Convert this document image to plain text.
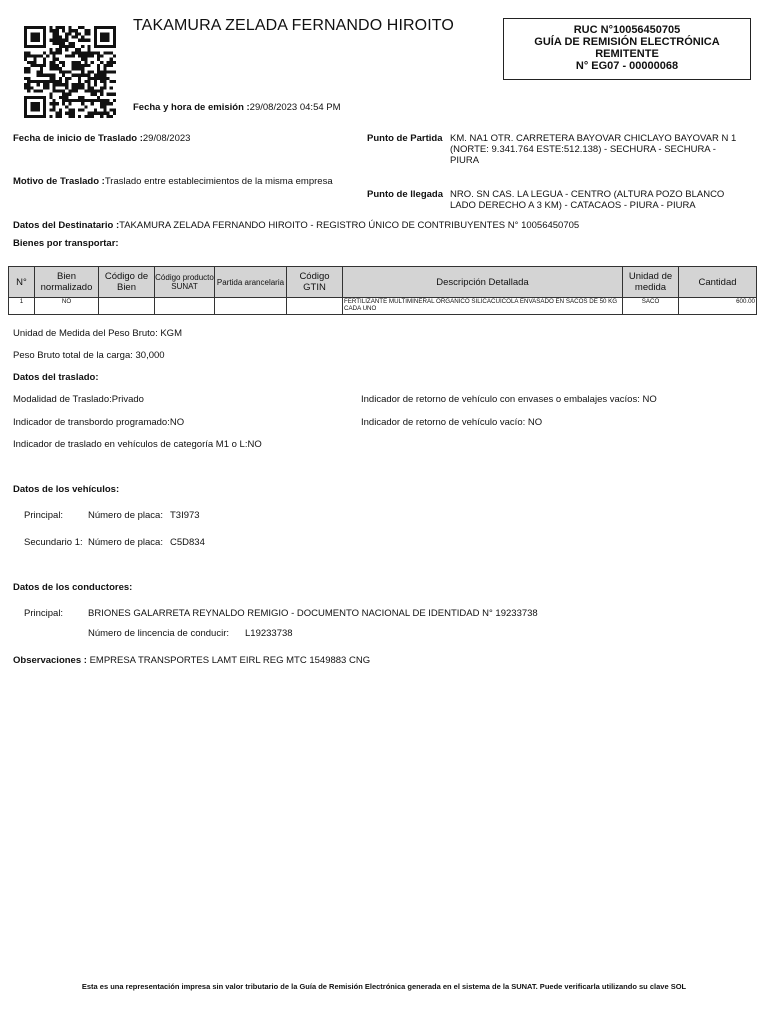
TAKAMURA ZELADA FERNANDO HIROITO	RUC N°10056450705
GUÍA DE REMISIÓN ELECTRÓNICA
REMITENTE
N° EG07 - 00000068
Fecha y hora de emisión :29/08/2023 04:54 PM
Fecha de inicio de Traslado :29/08/2023	Punto de Partida KM. NA1 OTR. CARRETERA BAYOVAR CHICLAYO BAYOVAR N 1
(NORTE: 9.341.764 ESTE:512.138) - SECHURA - SECHURA -
PIURA
Motivo de Traslado :Traslado entre establecimientos de la misma empresa
Punto de llegada NRO. SN CAS. LA LEGUA - CENTRO (ALTURA POZO BLANCO
LADO DERECHO A 3 KM) - CATACAOS - PIURA - PIURA
Datos del Destinatario :TAKAMURA ZELADA FERNANDO HIROITO - REGISTRO ÚNICO DE CONTRIBUYENTES N° 10056450705
Bienes por transportar:
N°	Bien normalizado	Código de Bien	Código producto SUNAT	Partida arancelaria	Código GTIN	Descripción Detallada	Unidad de medida	Cantidad
1	NO					FERTILIZANTE MULTIMINERAL ORGANICO SILICACUICOLA ENVASADO EN SACOS DE 50 KG CADA UNO	SACO	600.00
Unidad de Medida del Peso Bruto: KGM
Peso Bruto total de la carga: 30,000
Datos del traslado:
Modalidad de Traslado:Privado	Indicador de retorno de vehículo con envases o embalajes vacíos: NO
Indicador de transbordo programado:NO	Indicador de retorno de vehículo vacío: NO
Indicador de traslado en vehículos de categoría M1 o L:NO
Datos de los vehículos:
Principal:	Número de placa: T3I973
Secundario 1: Número de placa: C5D834
Datos de los conductores:
Principal:	BRIONES GALARRETA REYNALDO REMIGIO - DOCUMENTO NACIONAL DE IDENTIDAD N° 19233738
Número de lincencia de conducir: L19233738
Observaciones : EMPRESA TRANSPORTES LAMT EIRL REG MTC 1549883 CNG
Esta es una representación impresa sin valor tributario de la Guía de Remisión Electrónica generada en el sistema de la SUNAT. Puede verificarla utilizando su clave SOL
